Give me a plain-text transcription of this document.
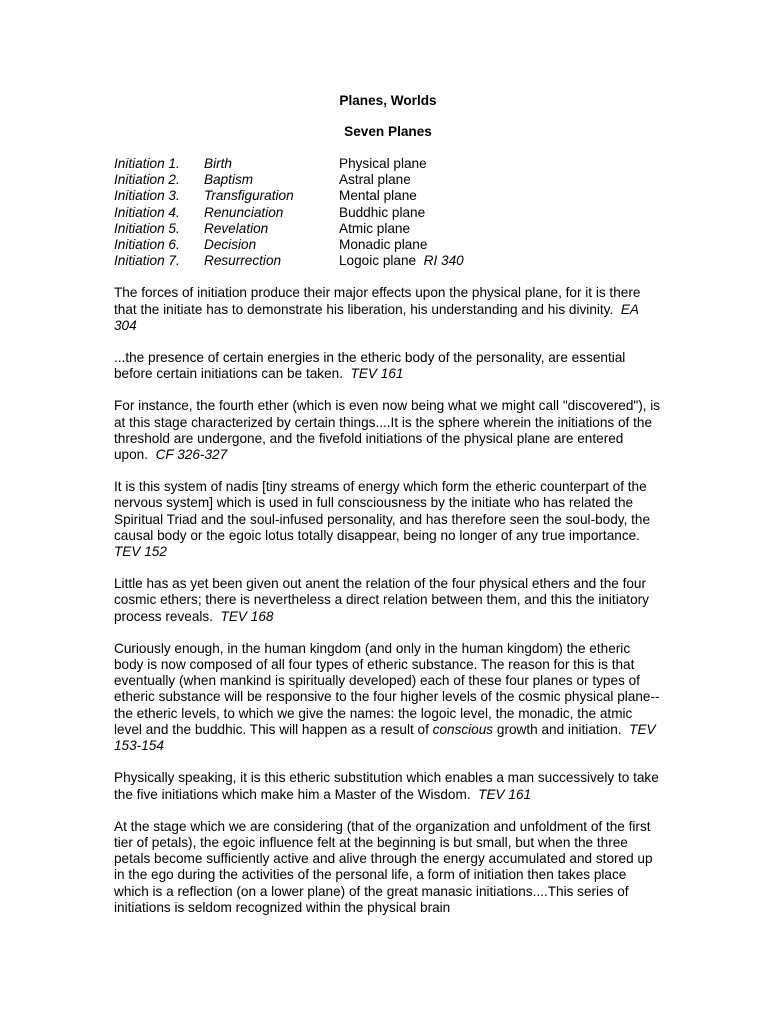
Planes, Worlds
Seven Planes
Initiation 1.	Birth	Physical plane
Initiation 2.	Baptism	Astral plane
Initiation 3.	Transfiguration	Mental plane
Initiation 4.	Renunciation	Buddhic plane
Initiation 5.	Revelation	Atmic plane
Initiation 6.	Decision	Monadic plane
Initiation 7.	Resurrection	Logoic plane RI 340

The forces of initiation produce their major effects upon the physical plane, for it is there that the initiate has to demonstrate his liberation, his understanding and his divinity. EA 304

...the presence of certain energies in the etheric body of the personality, are essential before certain initiations can be taken. TEV 161

For instance, the fourth ether (which is even now being what we might call "discovered"), is at this stage characterized by certain things....It is the sphere wherein the initiations of the threshold are undergone, and the fivefold initiations of the physical plane are entered upon. CF 326-327

It is this system of nadis [tiny streams of energy which form the etheric counterpart of the nervous system] which is used in full consciousness by the initiate who has related the Spiritual Triad and the soul-infused personality, and has therefore seen the soul-body, the causal body or the egoic lotus totally disappear, being no longer of any true importance.  TEV 152

Little has as yet been given out anent the relation of the four physical ethers and the four cosmic ethers; there is nevertheless a direct relation between them, and this the initiatory process reveals. TEV 168

Curiously enough, in the human kingdom (and only in the human kingdom) the etheric body is now composed of all four types of etheric substance. The reason for this is that eventually (when mankind is spiritually developed) each of these four planes or types of etheric substance will be responsive to the four higher levels of the cosmic physical plane--the etheric levels, to which we give the names: the logoic level, the monadic, the atmic level and the buddhic. This will happen as a result of conscious growth and initiation. TEV 153-154

Physically speaking, it is this etheric substitution which enables a man successively to take the five initiations which make him a Master of the Wisdom. TEV 161

At the stage which we are considering (that of the organization and unfoldment of the first tier of petals), the egoic influence felt at the beginning is but small, but when the three petals become sufficiently active and alive through the energy accumulated and stored up in the ego during the activities of the personal life, a form of initiation then takes place which is a reflection (on a lower plane) of the great manasic initiations....This series of initiations is seldom recognized within the physical brain
